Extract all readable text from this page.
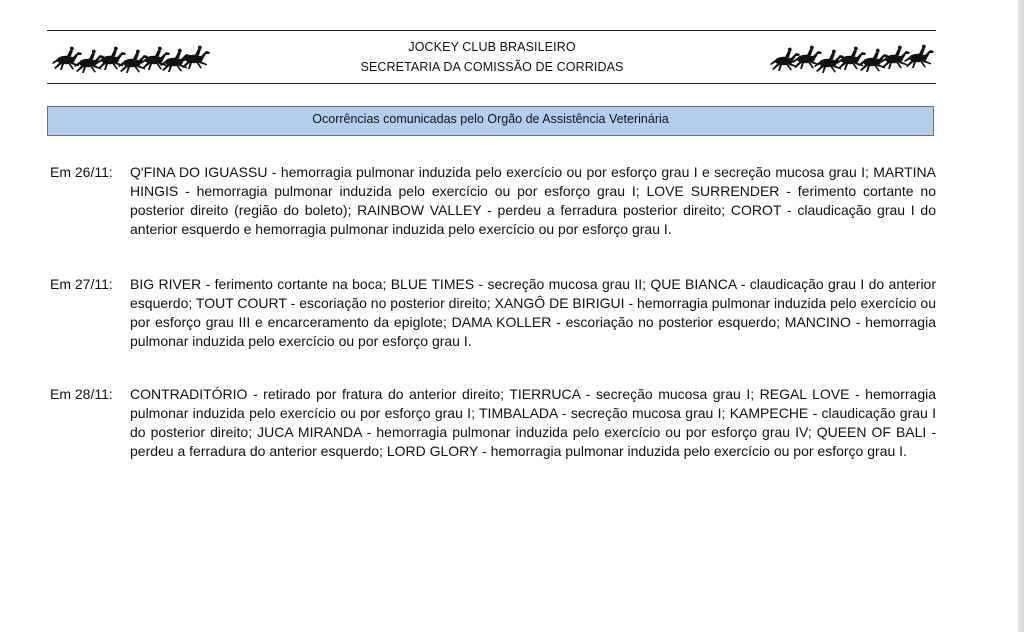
JOCKEY CLUB BRASILEIRO
SECRETARIA DA COMISSÃO DE CORRIDAS
Ocorrências comunicadas pelo Orgão de Assistência Veterinária
Em 26/11: Q'FINA DO IGUASSU - hemorragia pulmonar induzida pelo exercício ou por esforço grau I e secreção mucosa grau I; MARTINA HINGIS - hemorragia pulmonar induzida pelo exercício ou por esforço grau I; LOVE SURRENDER - ferimento cortante no posterior direito (região do boleto); RAINBOW VALLEY - perdeu a ferradura posterior direito; COROT - claudicação grau I do anterior esquerdo e hemorragia pulmonar induzida pelo exercício ou por esforço grau I.
Em 27/11: BIG RIVER - ferimento cortante na boca; BLUE TIMES - secreção mucosa grau II; QUE BIANCA - claudicação grau I do anterior esquerdo; TOUT COURT - escoriação no posterior direito; XANGÔ DE BIRIGUI - hemorragia pulmonar induzida pelo exercício ou por esforço grau III e encarceramento da epiglote; DAMA KOLLER - escoriação no posterior esquerdo; MANCINO - hemorragia pulmonar induzida pelo exercício ou por esforço grau I.
Em 28/11: CONTRADITÓRIO - retirado por fratura do anterior direito; TIERRUCA - secreção mucosa grau I; REGAL LOVE - hemorragia pulmonar induzida pelo exercício ou por esforço grau I; TIMBALADA - secreção mucosa grau I; KAMPECHE - claudicação grau I do posterior direito; JUCA MIRANDA - hemorragia pulmonar induzida pelo exercício ou por esforço grau IV; QUEEN OF BALI - perdeu a ferradura do anterior esquerdo; LORD GLORY - hemorragia pulmonar induzida pelo exercício ou por esforço grau I.
